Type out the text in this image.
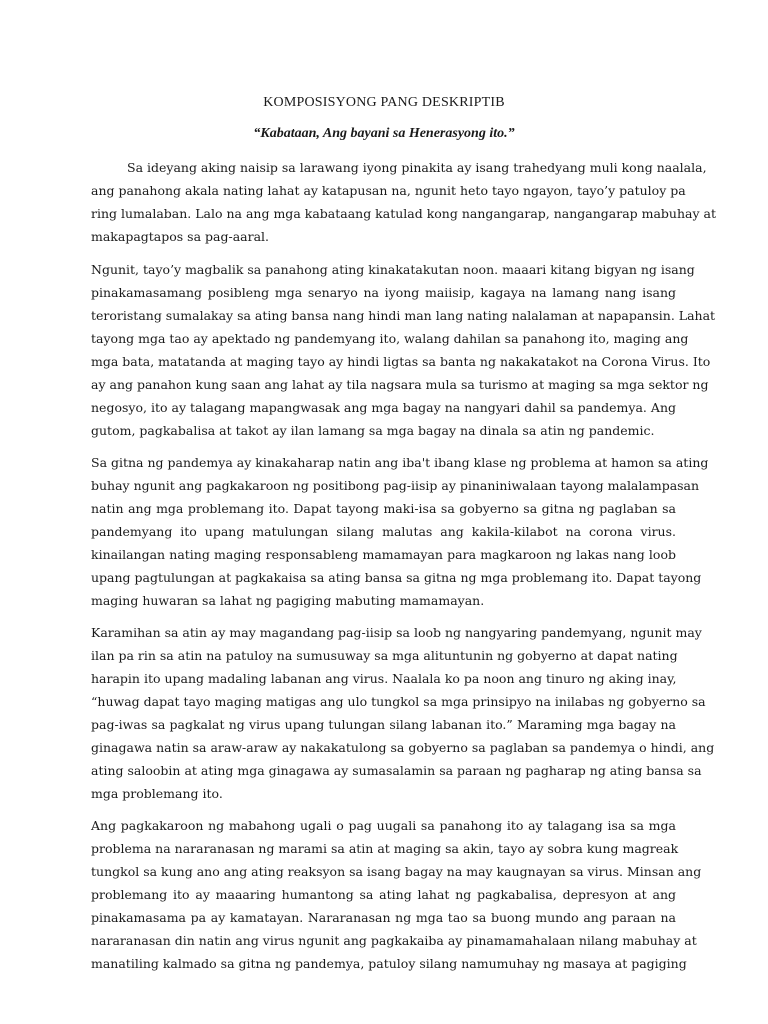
KOMPOSISYONG PANG DESKRIPTIB
“Kabataan, Ang bayani sa Henerasyong ito.”
Sa ideyang aking naisip sa larawang iyong pinakita ay isang trahedyang muli kong naalala,
ang panahong akala nating lahat ay katapusan na, ngunit heto tayo ngayon, tayo’y patuloy pa
ring lumalaban. Lalo na ang mga kabataang katulad kong nangangarap, nangangarap mabuhay at
makapagtapos sa pag-aaral.
Ngunit, tayo’y magbalik sa panahong ating kinakatakutan noon. maaari kitang bigyan ng isang
pinakamasamang posibleng mga senaryo na iyong maiisip, kagaya na lamang nang isang
teroristang sumalakay sa ating bansa nang hindi man lang nating nalalaman at napapansin. Lahat
tayong mga tao ay apektado ng pandemyang ito, walang dahilan sa panahong ito, maging ang
mga bata, matatanda at maging tayo ay hindi ligtas sa banta ng nakakatakot na Corona Virus. Ito
ay ang panahon kung saan ang lahat ay tila nagsara mula sa turismo at maging sa mga sektor ng
negosyo, ito ay talagang mapangwasak ang mga bagay na nangyari dahil sa pandemya. Ang
gutom, pagkabalisa at takot ay ilan lamang sa mga bagay na dinala sa atin ng pandemic.
Sa gitna ng pandemya ay kinakaharap natin ang iba't ibang klase ng problema at hamon sa ating
buhay ngunit ang pagkakaroon ng positibong pag-iisip ay pinaniniwalaan tayong malalampasan
natin ang mga problemang ito. Dapat tayong maki-isa sa gobyerno sa gitna ng paglaban sa
pandemyang ito upang matulungan silang malutas ang kakila-kilabot na corona virus.
kinailangan nating maging responsableng mamamayan para magkaroon ng lakas nang loob
upang pagtulungan at pagkakaisa sa ating bansa sa gitna ng mga problemang ito. Dapat tayong
maging huwaran sa lahat ng pagiging mabuting mamamayan.
Karamihan sa atin ay may magandang pag-iisip sa loob ng nangyaring pandemyang, ngunit may
ilan pa rin sa atin na patuloy na sumusuway sa mga alituntunin ng gobyerno at dapat nating
harapin ito upang madaling labanan ang virus. Naalala ko pa noon ang tinuro ng aking inay,
“huwag dapat tayo maging matigas ang ulo tungkol sa mga prinsipyo na inilabas ng gobyerno sa
pag-iwas sa pagkalat ng virus upang tulungan silang labanan ito.” Maraming mga bagay na
ginagawa natin sa araw-araw ay nakakatulong sa gobyerno sa paglaban sa pandemya o hindi, ang
ating saloobin at ating mga ginagawa ay sumasalamin sa paraan ng pagharap ng ating bansa sa
mga problemang ito.
Ang pagkakaroon ng mabahong ugali o pag uugali sa panahong ito ay talagang isa sa mga
problema na nararanasan ng marami sa atin at maging sa akin, tayo ay sobra kung magreak
tungkol sa kung ano ang ating reaksyon sa isang bagay na may kaugnayan sa virus. Minsan ang
problemang ito ay maaaring humantong sa ating lahat ng pagkabalisa, depresyon at ang
pinakamasama pa ay kamatayan. Nararanasan ng mga tao sa buong mundo ang paraan na
nararanasan din natin ang virus ngunit ang pagkakaiba ay pinamamahalaan nilang mabuhay at
manatiling kalmado sa gitna ng pandemya, patuloy silang namumuhay ng masaya at pagiging
